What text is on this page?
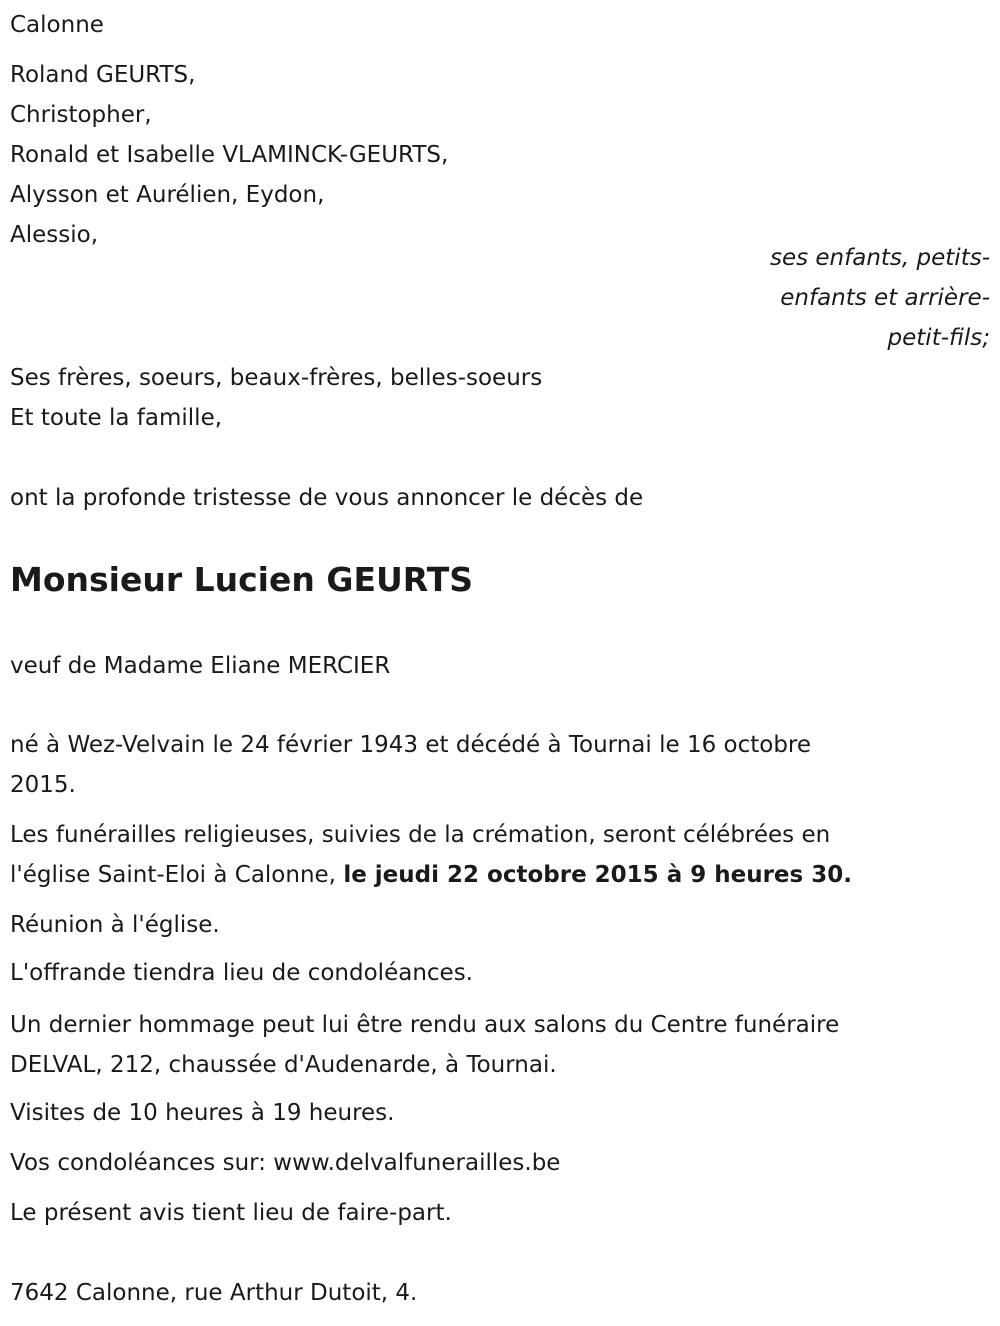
Calonne
Roland GEURTS,
Christopher,
Ronald et Isabelle VLAMINCK-GEURTS,
Alysson et Aurélien, Eydon,
Alessio,
ses enfants, petits-
enfants et arrière-
petit-fils;
Ses frères, soeurs, beaux-frères, belles-soeurs
Et toute la famille,
ont la profonde tristesse de vous annoncer le décès de
Monsieur Lucien GEURTS
veuf de Madame Eliane MERCIER
né à Wez-Velvain le 24 février 1943 et décédé à Tournai le 16 octobre
2015.
Les funérailles religieuses, suivies de la crémation, seront célébrées en
l'église Saint-Eloi à Calonne, le jeudi 22 octobre 2015 à 9 heures 30.
Réunion à l'église.
L'offrande tiendra lieu de condoléances.
Un dernier hommage peut lui être rendu aux salons du Centre funéraire
DELVAL, 212, chaussée d'Audenarde, à Tournai.
Visites de 10 heures à 19 heures.
Vos condoléances sur: www.delvalfunerailles.be
Le présent avis tient lieu de faire-part.
7642 Calonne, rue Arthur Dutoit, 4.
